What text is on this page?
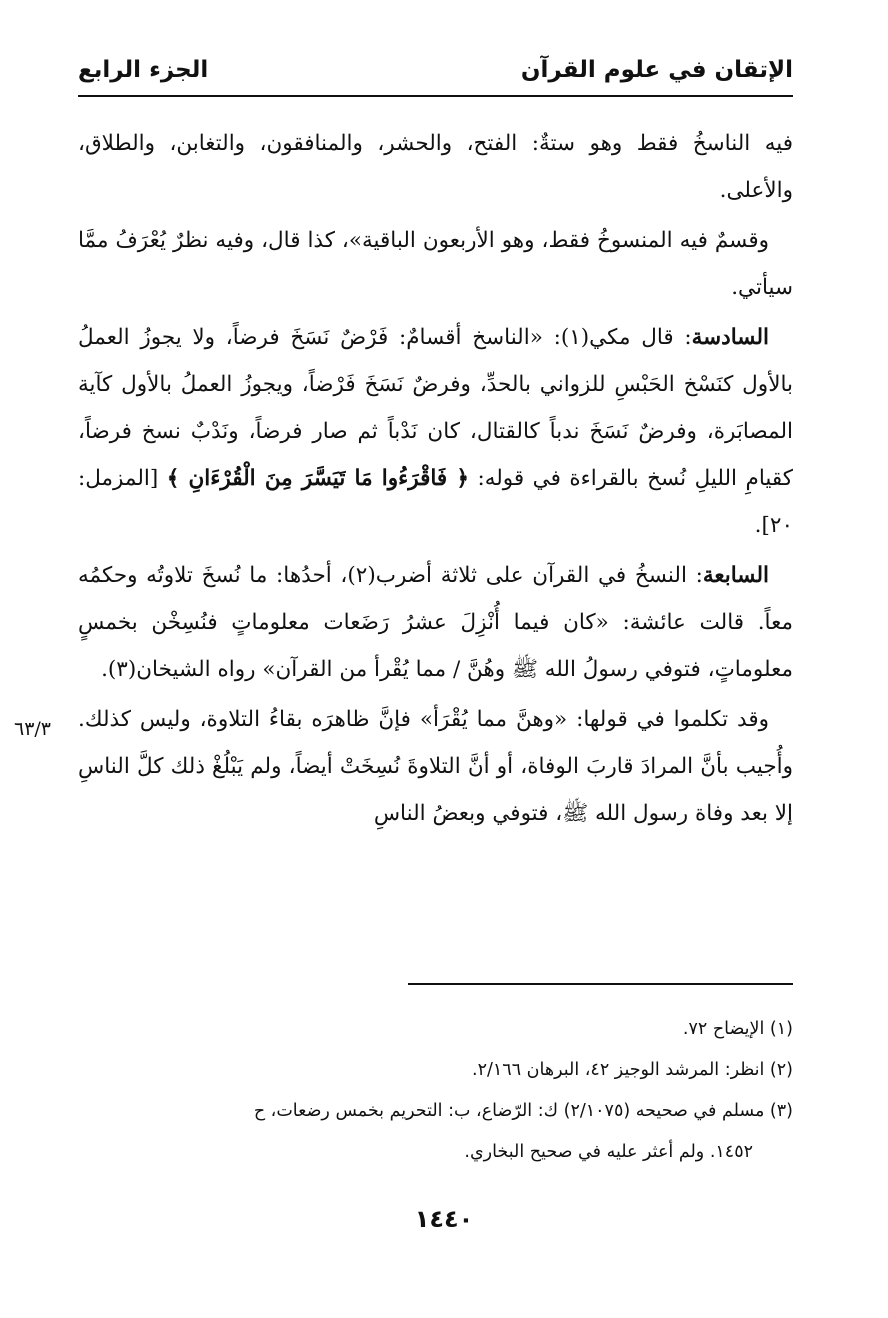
الإتقان في علوم القرآن
الجزء الرابع

فيه الناسخُ فقط وهو ستةٌ: الفتح، والحشر، والمنافقون، والتغابن، والطلاق، والأعلى.

وقسمٌ فيه المنسوخُ فقط، وهو الأربعون الباقية»، كذا قال، وفيه نظرٌ يُعْرَفُ ممَّا سيأتي.

السادسة: قال مكي(١): «الناسخ أقسامٌ: فَرْضٌ نَسَخَ فرضاً، ولا يجوزُ العملُ بالأول كنَسْخ الحَبْسِ للزواني بالحدِّ، وفرضٌ نَسَخَ فَرْضاً، ويجوزُ العملُ بالأول كآية المصابَرة، وفرضٌ نَسَخَ ندباً كالقتال، كان نَدْباً ثم صار فرضاً، ونَدْبٌ نسخ فرضاً، كقيامِ الليلِ نُسخ بالقراءة في قوله: ﴿ فَاقْرَءُوا مَا تَيَسَّرَ مِنَ الْقُرْءَانِ ﴾ [المزمل: ٢٠].

السابعة: النسخُ في القرآن على ثلاثة أضرب(٢)، أحدُها: ما نُسخَ تلاوتُه وحكمُه معاً. قالت عائشة: «كان فيما أُنْزِلَ عشرُ رَضَعات معلوماتٍ فنُسِخْن بخمسٍ معلوماتٍ، فتوفي رسولُ الله ﷺ وهُنَّ / مما يُقْرأ من القرآن» رواه الشيخان(٣).

وقد تكلموا في قولها: «وهنَّ مما يُقْرَأ» فإنَّ ظاهرَه بقاءُ التلاوة، وليس كذلك. وأُجيب بأنَّ المرادَ قاربَ الوفاة، أو أنَّ التلاوةَ نُسِخَتْ أيضاً، ولم يَبْلُغْ ذلك كلَّ الناسِ إلا بعد وفاة رسول الله ﷺ، فتوفي وبعضُ الناسِ

٦٣/٣

(١) الإيضاح ٧٢.

(٢) انظر: المرشد الوجيز ٤٢، البرهان ٢/١٦٦.

(٣) مسلم في صحيحه (٢/١٠٧٥) ك: الرّضاع، ب: التحريم بخمس رضعات، ح

١٤٥٢. ولم أعثر عليه في صحيح البخاري.

١٤٤٠
